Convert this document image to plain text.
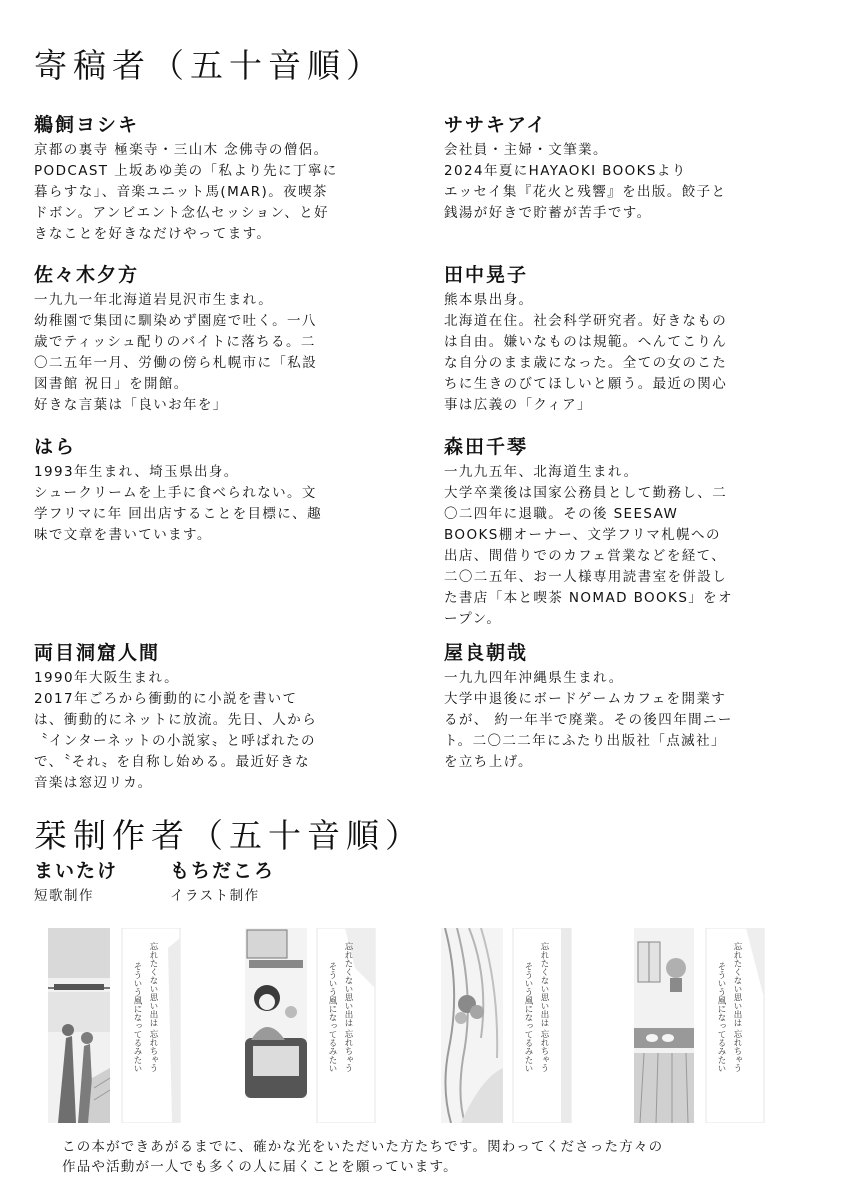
寄稿者（五十音順）
鵜飼ヨシキ
京都の裏寺 極楽寺・三山木 念佛寺の僧侶。
PODCAST 上坂あゆ美の「私より先に丁寧に
暮らすな」、音楽ユニット馬(MAR)。夜喫茶
ドボン。アンビエント念仏セッション、と好
きなことを好きなだけやってます。
ササキアイ
会社員・主婦・文筆業。
2024年夏にHAYAOKI BOOKSより
エッセイ集『花火と残響』を出版。餃子と
銭湯が好きで貯蓄が苦手です。
佐々木夕方
一九九一年北海道岩見沢市生まれ。
幼稚園で集団に馴染めず園庭で吐く。一八
歳でティッシュ配りのバイトに落ちる。二
〇二五年一月、労働の傍ら札幌市に「私設
図書館 祝日」を開館。
好きな言葉は「良いお年を」
田中晃子
熊本県出身。
北海道在住。社会科学研究者。好きなもの
は自由。嫌いなものは規範。へんてこりん
な自分のまま歳になった。全ての女のこた
ちに生きのびてほしいと願う。最近の関心
事は広義の「クィア」
はら
1993年生まれ、埼玉県出身。
シュークリームを上手に食べられない。文
学フリマに年 回出店することを目標に、趣
味で文章を書いています。
森田千琴
一九九五年、北海道生まれ。
大学卒業後は国家公務員として勤務し、二
〇二四年に退職。その後 SEESAW
BOOKS棚オーナー、文学フリマ札幌への
出店、間借りでのカフェ営業などを経て、
二〇二五年、お一人様専用読書室を併設し
た書店「本と喫茶 NOMAD BOOKS」をオ
ープン。
両目洞窟人間
1990年大阪生まれ。
2017年ごろから衝動的に小説を書いて
は、衝動的にネットに放流。先日、人から
〝インターネットの小説家〟と呼ばれたの
で、〝それ〟を自称し始める。最近好きな
音楽は窓辺リカ。
屋良朝哉
一九九四年沖縄県生まれ。
大学中退後にボードゲームカフェを開業す
るが、 約一年半で廃業。その後四年間ニー
ト。二〇二二年にふたり出版社「点滅社」
を立ち上げ。
栞制作者（五十音順）
まいたけ
短歌制作
もちだころ
イラスト制作
忘れたくない思い出は 忘れちゃう
そういう風になってるみたい	忘れたくない思い出は 忘れちゃう
そういう風になってるみたい	忘れたくない思い出は 忘れちゃう
そういう風になってるみたい	忘れたくない思い出は 忘れちゃう
そういう風になってるみたい
この本ができあがるまでに、確かな光をいただいた方たちです。関わってくださった方々の
作品や活動が一人でも多くの人に届くことを願っています。
